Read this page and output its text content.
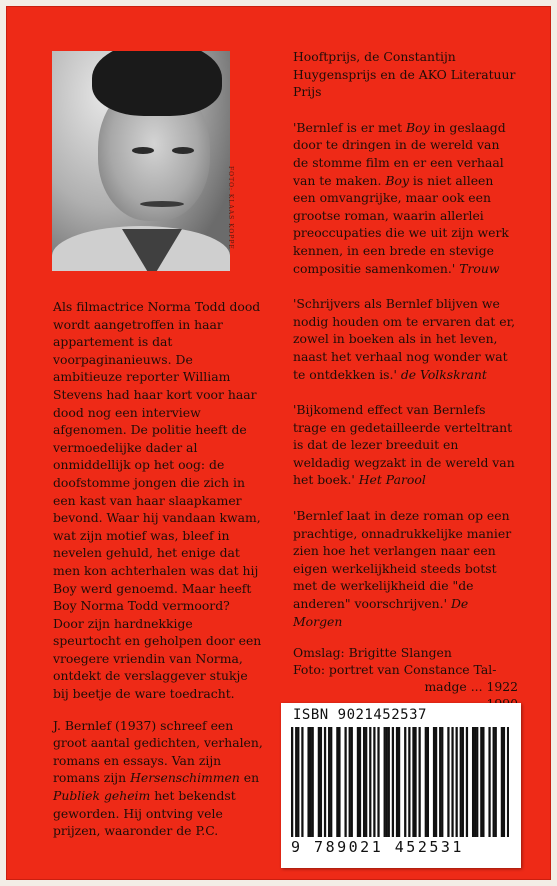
FOTO: KLAAS KOPPE

Als filmactrice Norma Todd dood wordt aangetroffen in haar appartement is dat voorpaginanieuws. De ambitieuze reporter William Stevens had haar kort voor haar dood nog een interview afgenomen. De politie heeft de vermoedelijke dader al onmiddellijk op het oog: de doofstomme jongen die zich in een kast van haar slaapkamer bevond. Waar hij vandaan kwam, wat zijn motief was, bleef in nevelen gehuld, het enige dat men kon achterhalen was dat hij Boy werd genoemd. Maar heeft Boy Norma Todd vermoord? Door zijn hardnekkige speurtocht en geholpen door een vroegere vriendin van Norma, ontdekt de verslaggever stukje bij beetje de ware toedracht.

J. Bernlef (1937) schreef een groot aantal gedichten, verhalen, romans en essays. Van zijn romans zijn Hersenschimmen en Publiek geheim het bekendst geworden. Hij ontving vele prijzen, waaronder de P.C.

Hooftprijs, de Constantijn Huygensprijs en de AKO Literatuur Prijs

'Bernlef is er met Boy in geslaagd door te dringen in de wereld van de stomme film en er een verhaal van te maken. Boy is niet alleen een omvangrijke, maar ook een grootse roman, waarin allerlei preoccupaties die we uit zijn werk kennen, in een brede en stevige compositie samenkomen.' Trouw

'Schrijvers als Bernlef blijven we nodig houden om te ervaren dat er, zowel in boeken als in het leven, naast het verhaal nog wonder wat te ontdekken is.' de Volkskrant

'Bijkomend effect van Bernlefs trage en gedetailleerde verteltrant is dat de lezer breeduit en weldadig wegzakt in de wereld van het boek.' Het Parool

'Bernlef laat in deze roman op een prachtige, onnadrukkelijke manier zien hoe het verlangen naar een eigen werkelijkheid steeds botst met de werkelijkheid die "de anderen" voorschrijven.' De Morgen

Omslag: Brigitte Slangen
Foto: portret van Constance Tal-
madge ... 1922
ISBN 9021452537
9 789021 452531
